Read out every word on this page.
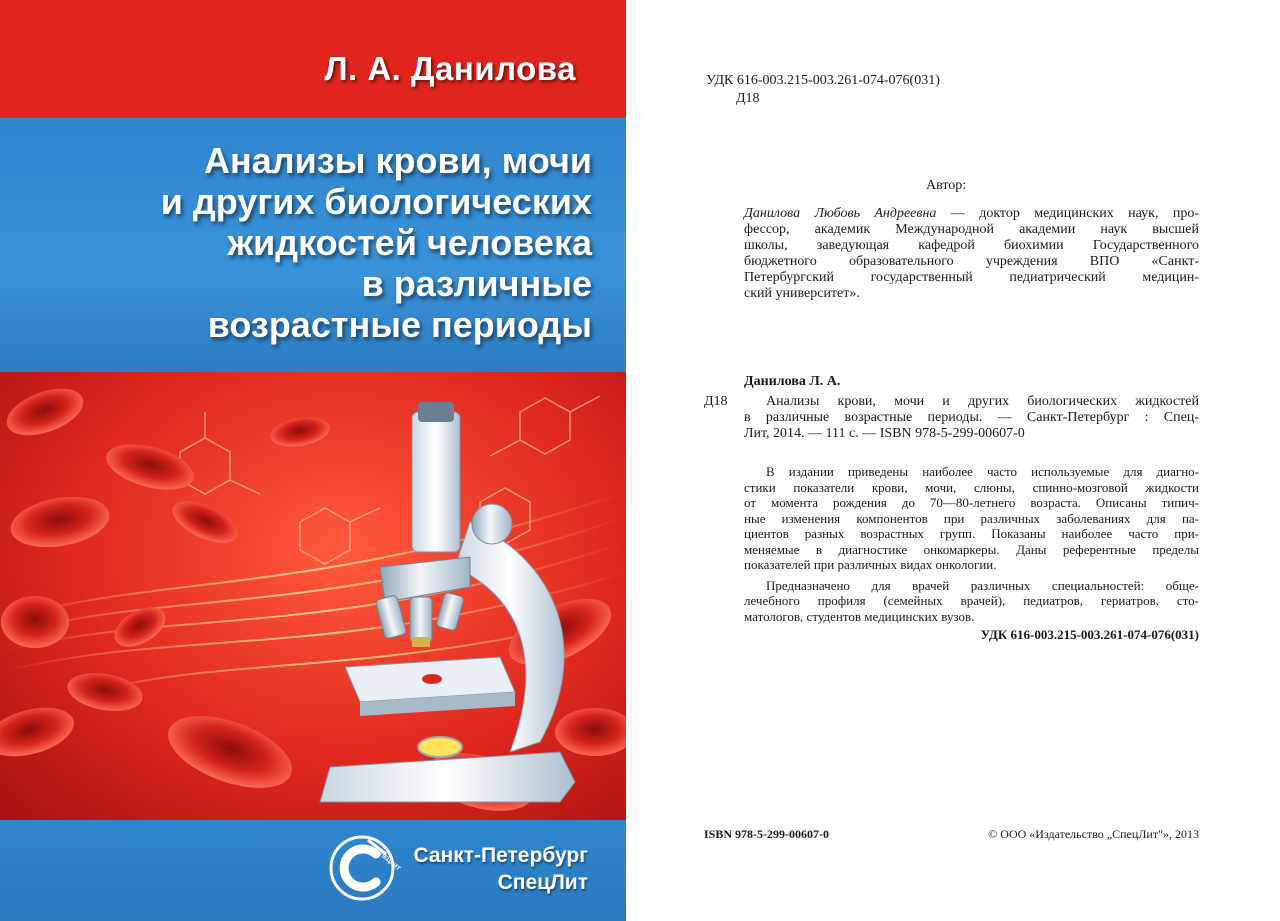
Л. А. Данилова
Анализы крови, мочи
и других биологических
жидкостей человека
в различные
возрастные периоды
СПЕЦЛИТ Санкт-Петербург
СпецЛит
УДК 616-003.215-003.261-074-076(031)
Д18
Автор:
Данилова Любовь Андреевна — доктор медицинских наук, про-
фессор, академик Международной академии наук высшей
школы, заведующая кафедрой биохимии Государственного
бюджетного образовательного учреждения ВПО «Санкт-
Петербургский государственный педиатрический медицин-
ский университет».
Данилова Л. А.
Д18	Анализы крови, мочи и других биологических жидкостей
в различные возрастные периоды. — Санкт-Петербург : Спец-
Лит, 2014. — 111 с. — ISBN 978-5-299-00607-0
В издании приведены наиболее часто используемые для диагно-
стики показатели крови, мочи, слюны, спинно-мозговой жидкости
от момента рождения до 70—80-летнего возраста. Описаны типич-
ные изменения компонентов при различных заболеваниях для па-
циентов разных возрастных групп. Показаны наиболее часто при-
меняемые в диагностике онкомаркеры. Даны референтные пределы
показателей при различных видах онкологии.
Предназначено для врачей различных специальностей: обще-
лечебного профиля (семейных врачей), педиатров, гериатров, сто-
матологов, студентов медицинских вузов.
УДК 616-003.215-003.261-074-076(031)
ISBN 978-5-299-00607-0	© ООО «Издательство „СпецЛит"», 2013
